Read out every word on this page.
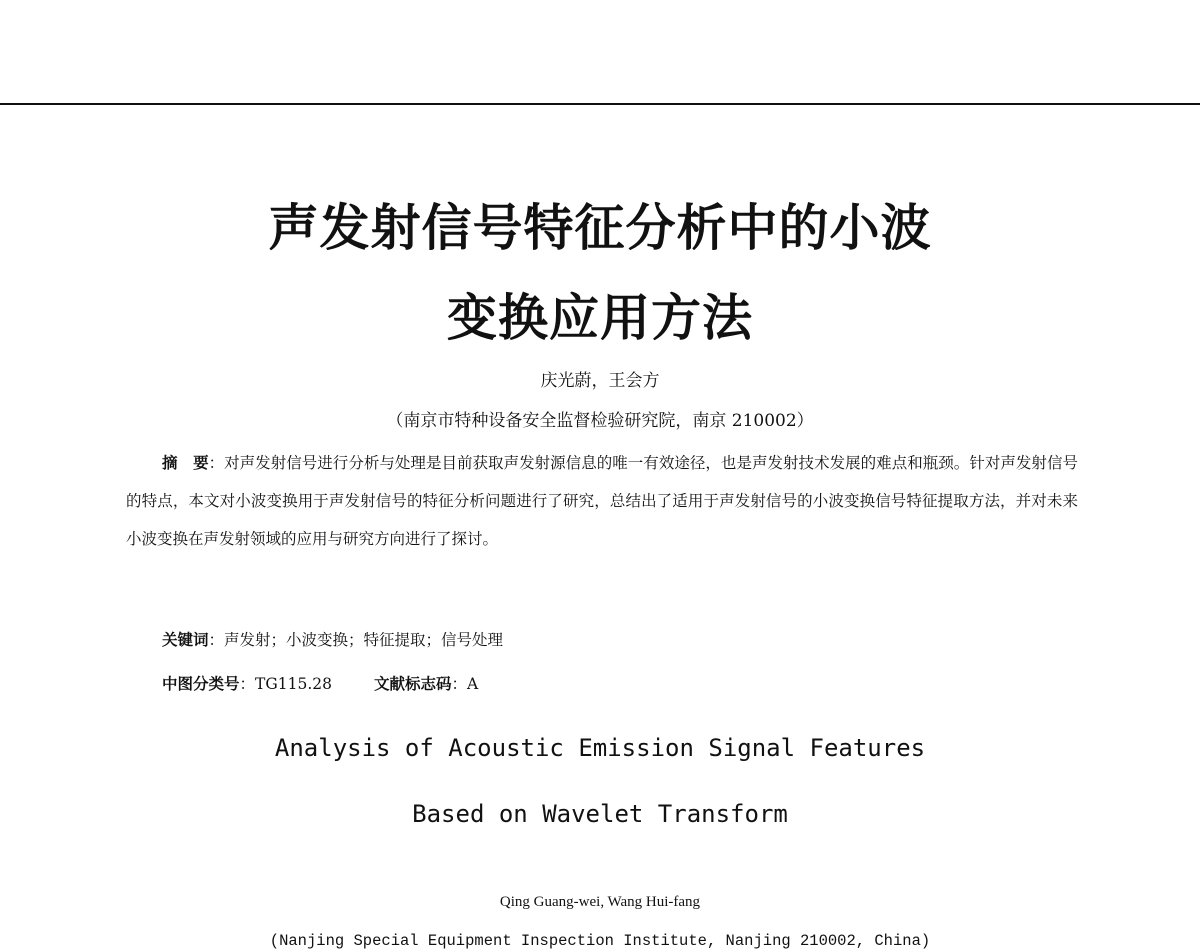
声发射信号特征分析中的小波
变换应用方法
庆光蔚，王会方
（南京市特种设备安全监督检验研究院，南京 210002）
摘　要：对声发射信号进行分析与处理是目前获取声发射源信息的唯一有效途径，也是声发射技术发展的难点和瓶颈。针对声发射信号的特点，本文对小波变换用于声发射信号的特征分析问题进行了研究，总结出了适用于声发射信号的小波变换信号特征提取方法，并对未来小波变换在声发射领域的应用与研究方向进行了探讨。
关键词：声发射；小波变换；特征提取；信号处理
中图分类号：TG115.28	文献标志码：A
Analysis of Acoustic Emission Signal Features
Based on Wavelet Transform
Qing Guang-wei, Wang Hui-fang
(Nanjing Special Equipment Inspection Institute, Nanjing 210002, China)
